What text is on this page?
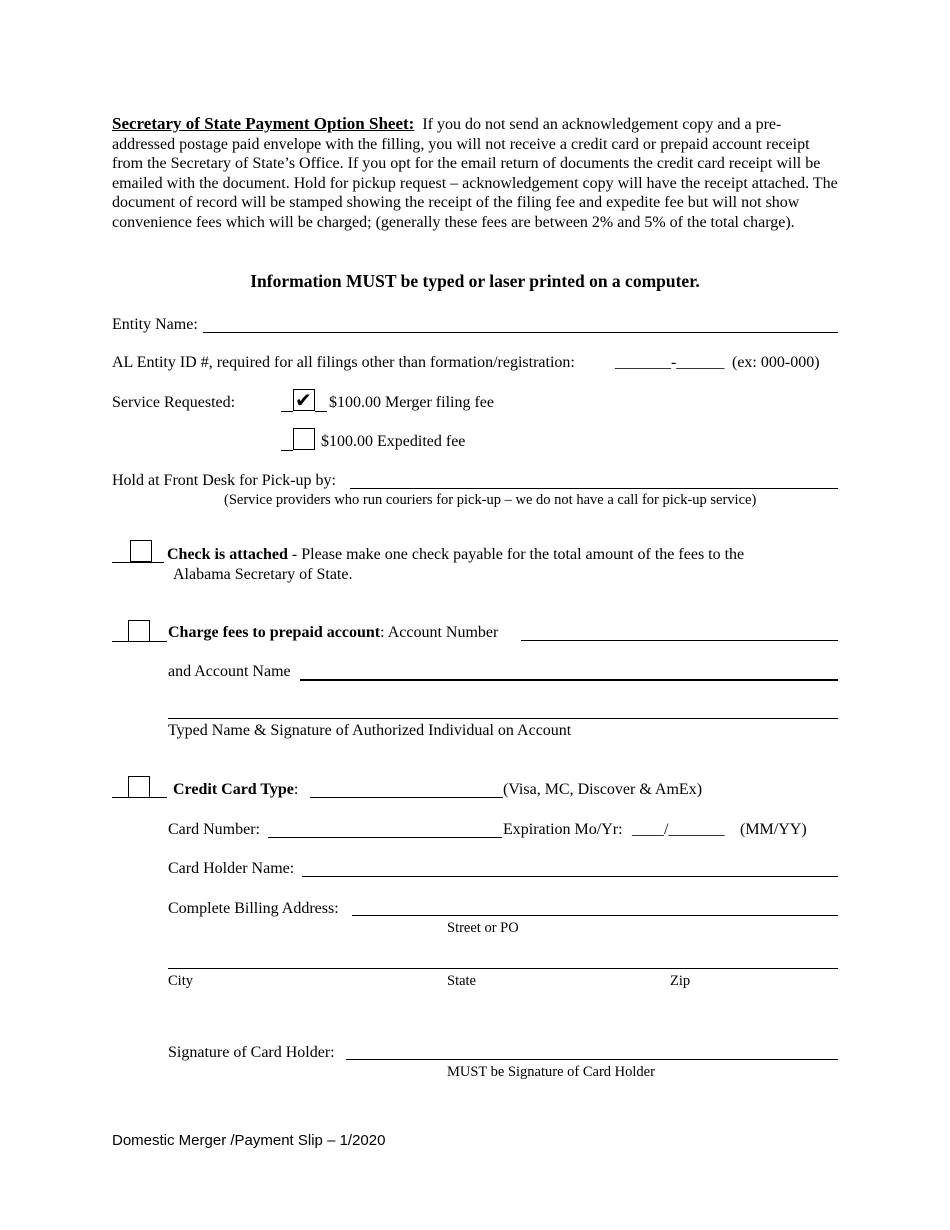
Secretary of State Payment Option Sheet: If you do not send an acknowledgement copy and a pre-addressed postage paid envelope with the filling, you will not receive a credit card or prepaid account receipt from the Secretary of State’s Office. If you opt for the email return of documents the credit card receipt will be emailed with the document. Hold for pickup request – acknowledgement copy will have the receipt attached. The document of record will be stamped showing the receipt of the filing fee and expedite fee but will not show convenience fees which will be charged; (generally these fees are between 2% and 5% of the total charge).
Information MUST be typed or laser printed on a computer.
Entity Name:
AL Entity ID #, required for all filings other than formation/registration:	_______-______ (ex: 000-000)
Service Requested:	✔ $100.00 Merger filing fee
$100.00 Expedited fee
Hold at Front Desk for Pick-up by:
(Service providers who run couriers for pick-up – we do not have a call for pick-up service)
Check is attached - Please make one check payable for the total amount of the fees to the
Alabama Secretary of State.
Charge fees to prepaid account: Account Number
and Account Name
Typed Name & Signature of Authorized Individual on Account
Credit Card Type:	(Visa, MC, Discover & AmEx)
Card Number:	Expiration Mo/Yr: ____/_______ (MM/YY)
Card Holder Name:
Complete Billing Address:
Street or PO
City	State	Zip
Signature of Card Holder:
MUST be Signature of Card Holder
Domestic Merger /Payment Slip – 1/2020
